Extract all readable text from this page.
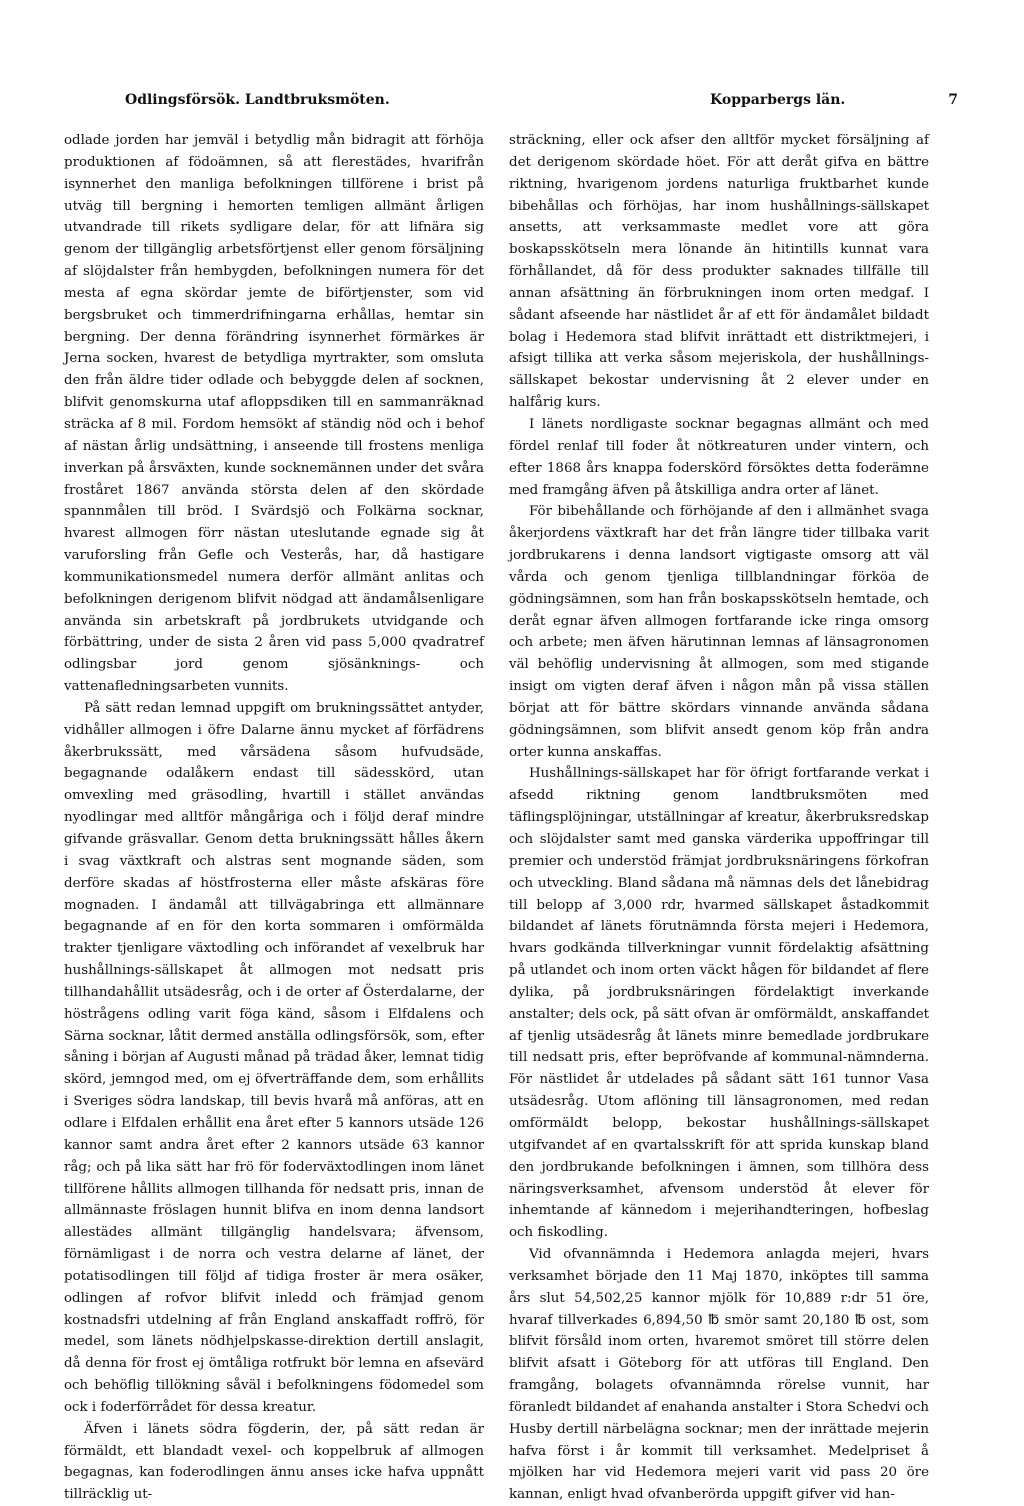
Odlingsförsök. Landtbruksmöten.	Kopparbergs län.	7

odlade jorden har jemväl i betydlig mån bidragit att förhöja produktionen af födoämnen, så att flerestädes, hvarifrån isynnerhet den manliga befolkningen tillförene i brist på utväg till bergning i hemorten temligen allmänt årligen utvandrade till rikets sydligare delar, för att lifnära sig genom der tillgänglig arbetsförtjenst eller genom försäljning af slöjdalster från hembygden, befolkningen numera för det mesta af egna skördar jemte de biförtjenster, som vid bergsbruket och timmerdrifningarna erhållas, hemtar sin bergning. Der denna förändring isynnerhet förmärkes är Jerna socken, hvarest de betydliga myrtrakter, som omsluta den från äldre tider odlade och bebyggde delen af socknen, blifvit genomskurna utaf afloppsdiken till en sammanräknad sträcka af 8 mil. Fordom hemsökt af ständig nöd och i behof af nästan årlig undsättning, i anseende till frostens menliga inverkan på årsväxten, kunde socknemännen under det svåra froståret 1867 använda största delen af den skördade spannmålen till bröd. I Svärdsjö och Folkärna socknar, hvarest allmogen förr nästan uteslutande egnade sig åt varuforsling från Gefle och Vesterås, har, då hastigare kommunikationsmedel numera derför allmänt anlitas och befolkningen derigenom blifvit nödgad att ändamålsenligare använda sin arbetskraft på jordbrukets utvidgande och förbättring, under de sista 2 åren vid pass 5,000 qvadratref odlingsbar jord genom sjösänknings- och vattenafledningsarbeten vunnits.

På sätt redan lemnad uppgift om brukningssättet antyder, vidhåller allmogen i öfre Dalarne ännu mycket af förfädrens åkerbrukssätt, med vårsädena såsom hufvudsäde, begagnande odalåkern endast till sädesskörd, utan omvexling med gräsodling, hvartill i stället användas nyodlingar med alltför mångåriga och i följd deraf mindre gifvande gräsvallar. Genom detta brukningssätt hålles åkern i svag växtkraft och alstras sent mognande säden, som derföre skadas af höstfrosterna eller måste afskäras före mognaden. I ändamål att tillvägabringa ett allmännare begagnande af en för den korta sommaren i omförmälda trakter tjenligare växtodling och införandet af vexelbruk har hushållnings-sällskapet åt allmogen mot nedsatt pris tillhandahållit utsädesråg, och i de orter af Österdalarne, der höstrågens odling varit föga känd, såsom i Elfdalens och Särna socknar, låtit dermed anställa odlingsförsök, som, efter såning i början af Augusti månad på trädad åker, lemnat tidig skörd, jemngod med, om ej öfverträffande dem, som erhållits i Sveriges södra landskap, till bevis hvarå må anföras, att en odlare i Elfdalen erhållit ena året efter 5 kannors utsäde 126 kannor samt andra året efter 2 kannors utsäde 63 kannor råg; och på lika sätt har frö för foderväxtodlingen inom länet tillförene hållits allmogen tillhanda för nedsatt pris, innan de allmännaste fröslagen hunnit blifva en inom denna landsort allestädes allmänt tillgänglig handelsvara; äfvensom, förnämligast i de norra och vestra delarne af länet, der potatisodlingen till följd af tidiga froster är mera osäker, odlingen af rofvor blifvit inledd och främjad genom kostnadsfri utdelning af från England anskaffadt roffrö, för medel, som länets nödhjelpskasse-direktion dertill anslagit, då denna för frost ej ömtåliga rotfrukt bör lemna en afsevärd och behöflig tillökning såväl i befolkningens födomedel som ock i foderförrådet för dessa kreatur.

Äfven i länets södra fögderin, der, på sätt redan är förmäldt, ett blandadt vexel- och koppelbruk af allmogen begagnas, kan foderodlingen ännu anses icke hafva uppnått tillräcklig ut-

sträckning, eller ock afser den alltför mycket försäljning af det derigenom skördade höet. För att deråt gifva en bättre riktning, hvarigenom jordens naturliga fruktbarhet kunde bibehållas och förhöjas, har inom hushållnings-sällskapet ansetts, att verksammaste medlet vore att göra boskapsskötseln mera lönande än hitintills kunnat vara förhållandet, då för dess produkter saknades tillfälle till annan afsättning än förbrukningen inom orten medgaf. I sådant afseende har nästlidet år af ett för ändamålet bildadt bolag i Hedemora stad blifvit inrättadt ett distriktmejeri, i afsigt tillika att verka såsom mejeriskola, der hushållnings-sällskapet bekostar undervisning åt 2 elever under en halfårig kurs.

I länets nordligaste socknar begagnas allmänt och med fördel renlaf till foder åt nötkreaturen under vintern, och efter 1868 års knappa foderskörd försöktes detta foderämne med framgång äfven på åtskilliga andra orter af länet.

För bibehållande och förhöjande af den i allmänhet svaga åkerjordens växtkraft har det från längre tider tillbaka varit jordbrukarens i denna landsort vigtigaste omsorg att väl vårda och genom tjenliga tillblandningar förköa de gödningsämnen, som han från boskapsskötseln hemtade, och deråt egnar äfven allmogen fortfarande icke ringa omsorg och arbete; men äfven härutinnan lemnas af länsagronomen väl behöflig undervisning åt allmogen, som med stigande insigt om vigten deraf äfven i någon mån på vissa ställen börjat att för bättre skördars vinnande använda sådana gödningsämnen, som blifvit ansedt genom köp från andra orter kunna anskaffas.

Hushållnings-sällskapet har för öfrigt fortfarande verkat i afsedd riktning genom landtbruksmöten med täflingsplöjningar, utställningar af kreatur, åkerbruksredskap och slöjdalster samt med ganska värderika uppoffringar till premier och understöd främjat jordbruksnäringens förkofran och utveckling. Bland sådana må nämnas dels det lånebidrag till belopp af 3,000 rdr, hvarmed sällskapet åstadkommit bildandet af länets förutnämnda första mejeri i Hedemora, hvars godkända tillverkningar vunnit fördelaktig afsättning på utlandet och inom orten väckt hågen för bildandet af flere dylika, på jordbruksnäringen fördelaktigt inverkande anstalter; dels ock, på sätt ofvan är omförmäldt, anskaffandet af tjenlig utsädesråg åt länets minre bemedlade jordbrukare till nedsatt pris, efter bepröfvande af kommunal-nämnderna. För nästlidet år utdelades på sådant sätt 161 tunnor Vasa utsädesråg. Utom aflöning till länsagronomen, med redan omförmäldt belopp, bekostar hushållnings-sällskapet utgifvandet af en qvartalsskrift för att sprida kunskap bland den jordbrukande befolkningen i ämnen, som tillhöra dess näringsverksamhet, afvensom understöd åt elever för inhemtande af kännedom i mejerihandteringen, hofbeslag och fiskodling.

Vid ofvannämnda i Hedemora anlagda mejeri, hvars verksamhet började den 11 Maj 1870, inköptes till samma års slut 54,502,25 kannor mjölk för 10,889 r:dr 51 öre, hvaraf tillverkades 6,894,50 ℔ smör samt 20,180 ℔ ost, som blifvit försåld inom orten, hvaremot smöret till större delen blifvit afsatt i Göteborg för att utföras till England. Den framgång, bolagets ofvannämnda rörelse vunnit, har föranledt bildandet af enahanda anstalter i Stora Schedvi och Husby dertill närbelägna socknar; men der inrättade mejerin hafva först i år kommit till verksamhet. Medelpriset å mjölken har vid Hedemora mejeri varit vid pass 20 öre kannan, enligt hvad ofvanberörda uppgift gifver vid han-
